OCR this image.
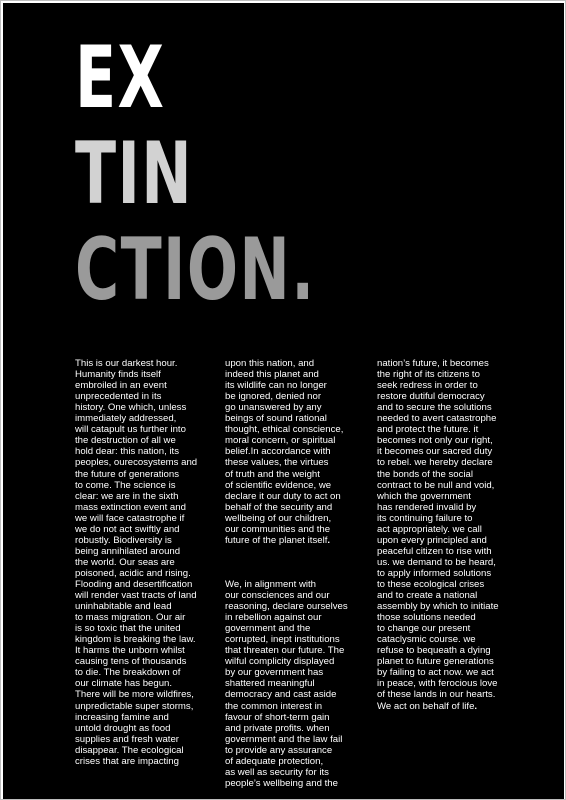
EX
TIN
CTION.

This is our darkest hour.
Humanity finds itself
embroiled in an event
unprecedented in its
history. One which, unless
immediately addressed,
will catapult us further into
the destruction of all we
hold dear: this nation, its
peoples, ourecosystems and
the future of generations
to come. The science is
clear: we are in the sixth
mass extinction event and
we will face catastrophe if
we do not act swiftly and
robustly. Biodiversity is
being annihilated around
the world. Our seas are
poisoned, acidic and rising.
Flooding and desertification
will render vast tracts of land
uninhabitable and lead
to mass migration. Our air
is so toxic that the united
kingdom is breaking the law.
It harms the unborn whilst
causing tens of thousands
to die. The breakdown of
our climate has begun.
There will be more wildfires,
unpredictable super storms,
increasing famine and
untold drought as food
supplies and fresh water
disappear. The ecological
crises that are impacting

upon this nation, and
indeed this planet and
its wildlife can no longer
be ignored, denied nor
go unanswered by any
beings of sound rational
thought, ethical conscience,
moral concern, or spiritual
belief.In accordance with
these values, the virtues
of truth and the weight
of scientific evidence, we
declare it our duty to act on
behalf of the security and
wellbeing of our children,
our communities and the
future of the planet itself.

We, in alignment with
our consciences and our
reasoning, declare ourselves
in rebellion against our
government and the
corrupted, inept institutions
that threaten our future. The
wilful complicity displayed
by our government has
shattered meaningful
democracy and cast aside
the common interest in
favour of short-term gain
and private profits. when
government and the law fail
to provide any assurance
of adequate protection,
as well as security for its
people’s wellbeing and the

nation’s future, it becomes
the right of its citizens to
seek redress in order to
restore dutiful democracy
and to secure the solutions
needed to avert catastrophe
and protect the future. it
becomes not only our right,
it becomes our sacred duty
to rebel. we hereby declare
the bonds of the social
contract to be null and void,
which the government
has rendered invalid by
its continuing failure to
act appropriately. we call
upon every principled and
peaceful citizen to rise with
us. we demand to be heard,
to apply informed solutions
to these ecological crises
and to create a national
assembly by which to initiate
those solutions needed
to change our present
cataclysmic course. we
refuse to bequeath a dying
planet to future generations
by failing to act now. we act
in peace, with ferocious love
of these lands in our hearts.
We act on behalf of life.
